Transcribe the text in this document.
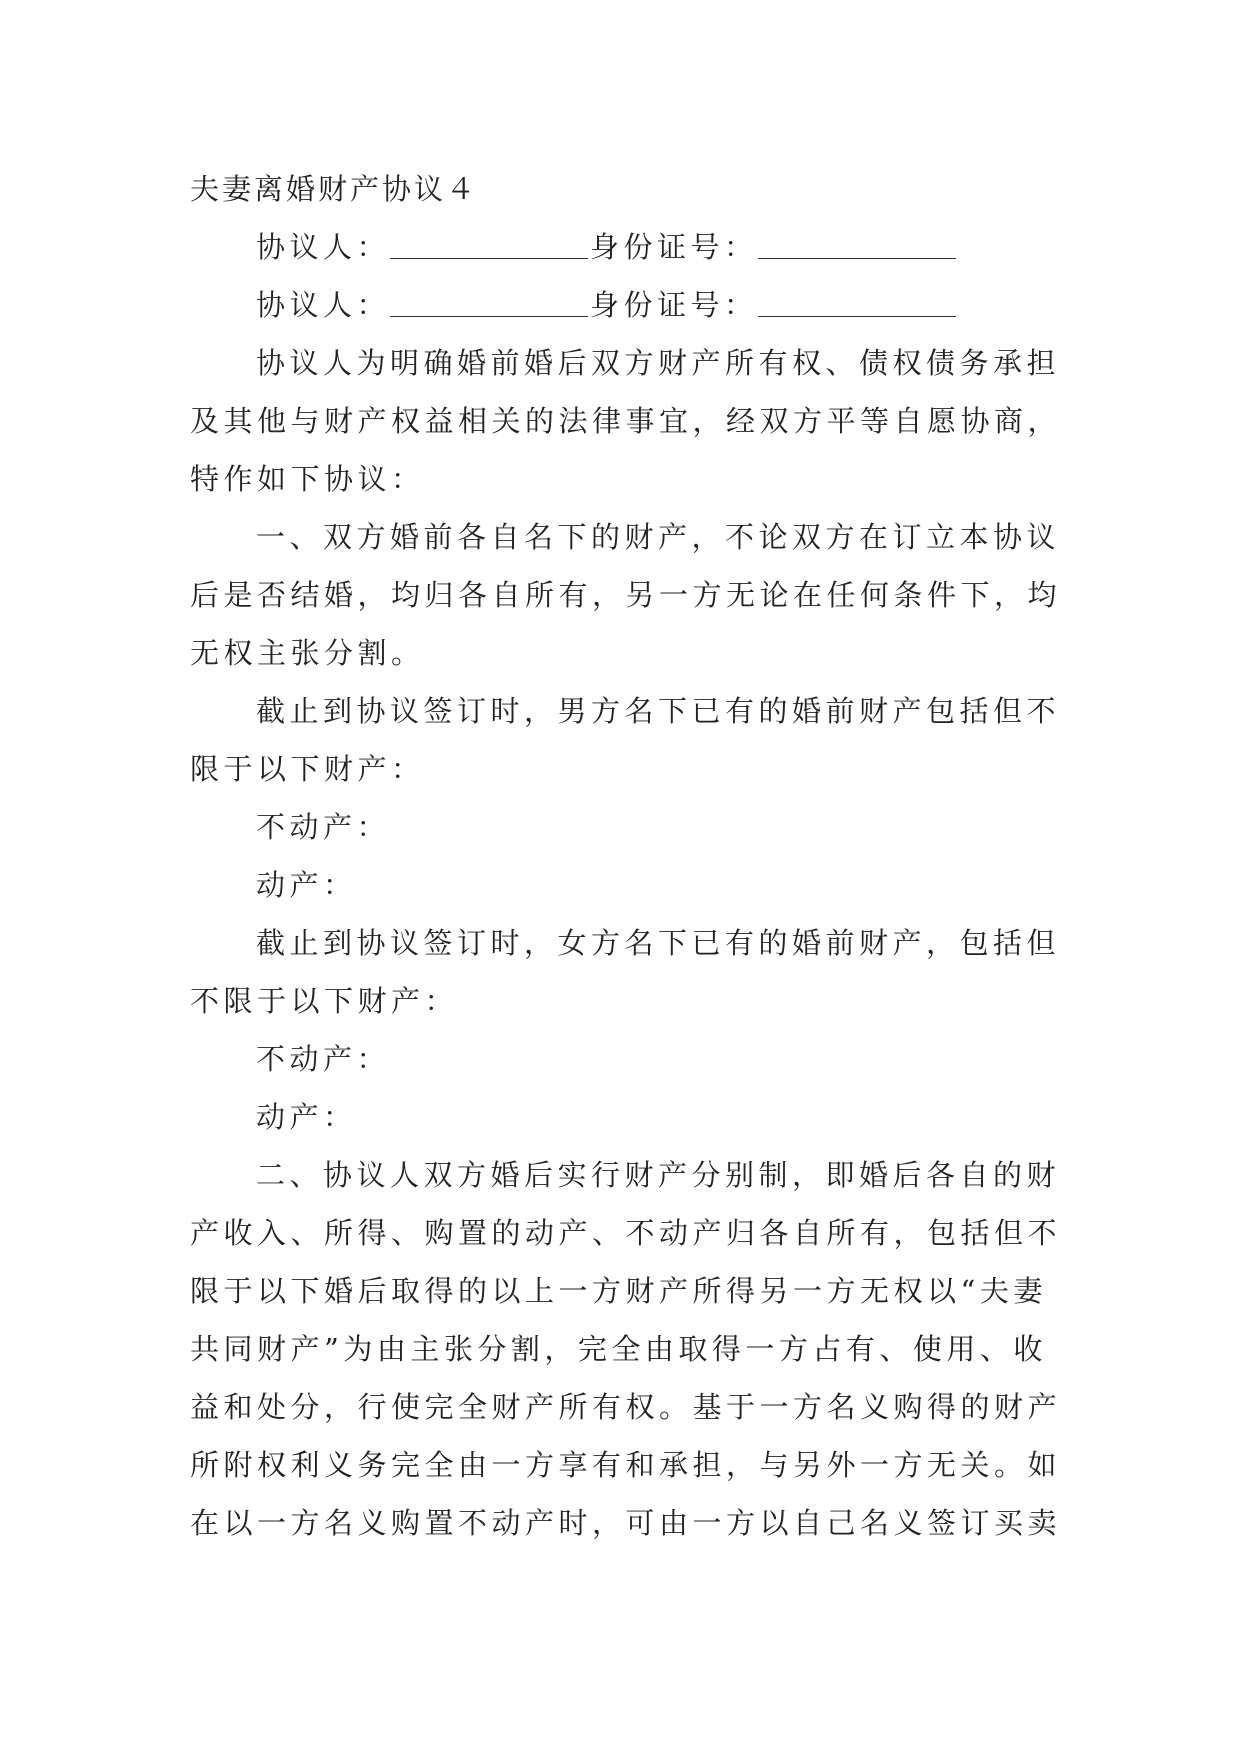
夫妻离婚财产协议４
协议人：	身份证号：
协议人：	身份证号：
协议人为明确婚前婚后双方财产所有权、债权债务承担
及其他与财产权益相关的法律事宜，经双方平等自愿协商，
特作如下协议：
一、双方婚前各自名下的财产，不论双方在订立本协议
后是否结婚，均归各自所有，另一方无论在任何条件下，均
无权主张分割。
截止到协议签订时，男方名下已有的婚前财产包括但不
限于以下财产：
不动产：
动产：
截止到协议签订时，女方名下已有的婚前财产，包括但
不限于以下财产：
不动产：
动产：
二、协议人双方婚后实行财产分别制，即婚后各自的财
产收入、所得、购置的动产、不动产归各自所有，包括但不
限于以下婚后取得的以上一方财产所得另一方无权以“夫妻
共同财产”为由主张分割，完全由取得一方占有、使用、收
益和处分，行使完全财产所有权。基于一方名义购得的财产
所附权利义务完全由一方享有和承担，与另外一方无关。如
在以一方名义购置不动产时，可由一方以自己名义签订买卖
